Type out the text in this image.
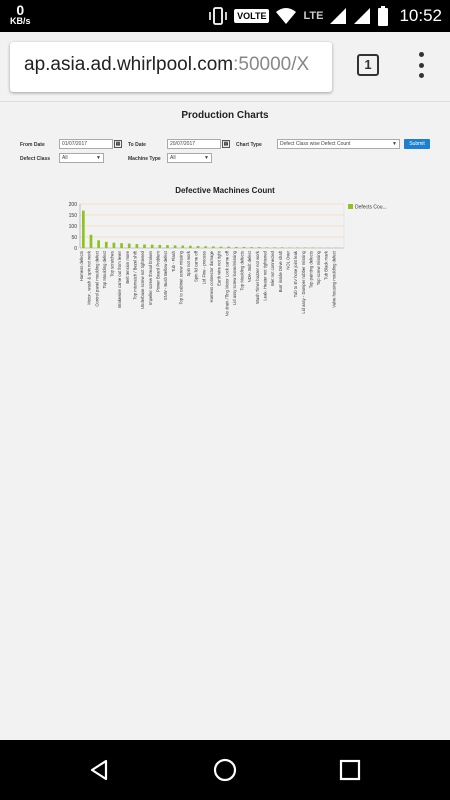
0
KB/s	VOLTE	LTE	10:52
ap.asia.ad.whirlpool.com:50000/X	1
Production Charts
From Date	01/07/2017	▦	To Date	20/07/2017	▦	Chart Type	Defect Class wise Defect Count	▼	Submit
Defect Class	All	▼	Machine Type	All	▼
Defective Machines Count
0
50
100
150
200
Harness defects Motor , wash & spin not work Control panel moulding defect Top Moulding defect Top scratches Brakewire came out from lever Belt tension more Top mismatch / Bezel shift Underbase screw not tightened Impeller screw thread broken Power Board Problem SNW - Bush Bellow defect Tub - Flash Top to cabinet screw missing Spin not work Spin lid came off Lid Fine - process Harness connector damage Earth wire not tight No drain /Tlng Motor Lock came off Lid assy screw loose/missing Top Moulding defects NDA- Bolt defect Wash Timer buzzer not work Leak- Heater not tightened Inlet not connected Burr inside Drive shaft NOL Over Tub to EV hose joint leak Lid assy - Damper rubber missing Top painting defects Top screw missing Tub Black mark Valve housing moulding defect
Defects Cou...
